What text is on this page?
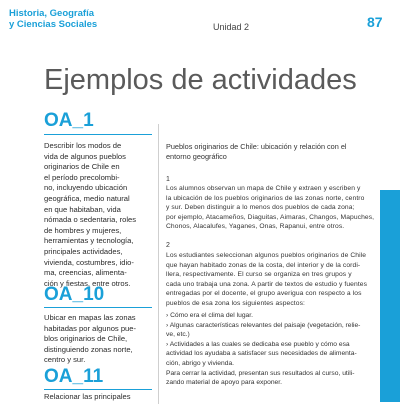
Historia, Geografía
y Ciencias Sociales	Unidad 2	87
Ejemplos de actividades
OA_1

Describir los modos de

vida de algunos pueblos

originarios de Chile en

el período precolombi-

no, incluyendo ubicación

geográfica, medio natural

en que habitaban, vida

nómada o sedentaria, roles

de hombres y mujeres,

herramientas y tecnología,

principales actividades,

vivienda, costumbres, idio-

ma, creencias, alimenta-

ción y fiestas, entre otros.

OA_10

Ubicar en mapas las zonas

habitadas por algunos pue-

blos originarios de Chile,

distinguiendo zonas norte,

centro y sur.

OA_11

Relacionar las principales

Pueblos originarios de Chile: ubicación y relación con el
entorno geográfico
1
Los alumnos observan un mapa de Chile y extraen y escriben y
la ubicación de los pueblos originarios de las zonas norte, centro
y sur. Deben distinguir a lo menos dos pueblos de cada zona;
por ejemplo, Atacameños, Diaguitas, Aimaras, Changos, Mapuches,
Chonos, Alacalufes, Yaganes, Onas, Rapanui, entre otros.
2
Los estudiantes seleccionan algunos pueblos originarios de Chile
que hayan habitado zonas de la costa, del interior y de la cordi-
llera, respectivamente. El curso se organiza en tres grupos y
cada uno trabaja una zona. A partir de textos de estudio y fuentes
entregadas por el docente, el grupo averigua con respecto a los
pueblos de esa zona los siguientes aspectos:
› Cómo era el clima del lugar.
› Algunas características relevantes del paisaje (vegetación, relie-
ve, etc.)
› Actividades a las cuales se dedicaba ese pueblo y cómo esa
actividad los ayudaba a satisfacer sus necesidades de alimenta-
ción, abrigo y vivienda.
Para cerrar la actividad, presentan sus resultados al curso, utili-
zando material de apoyo para exponer.
